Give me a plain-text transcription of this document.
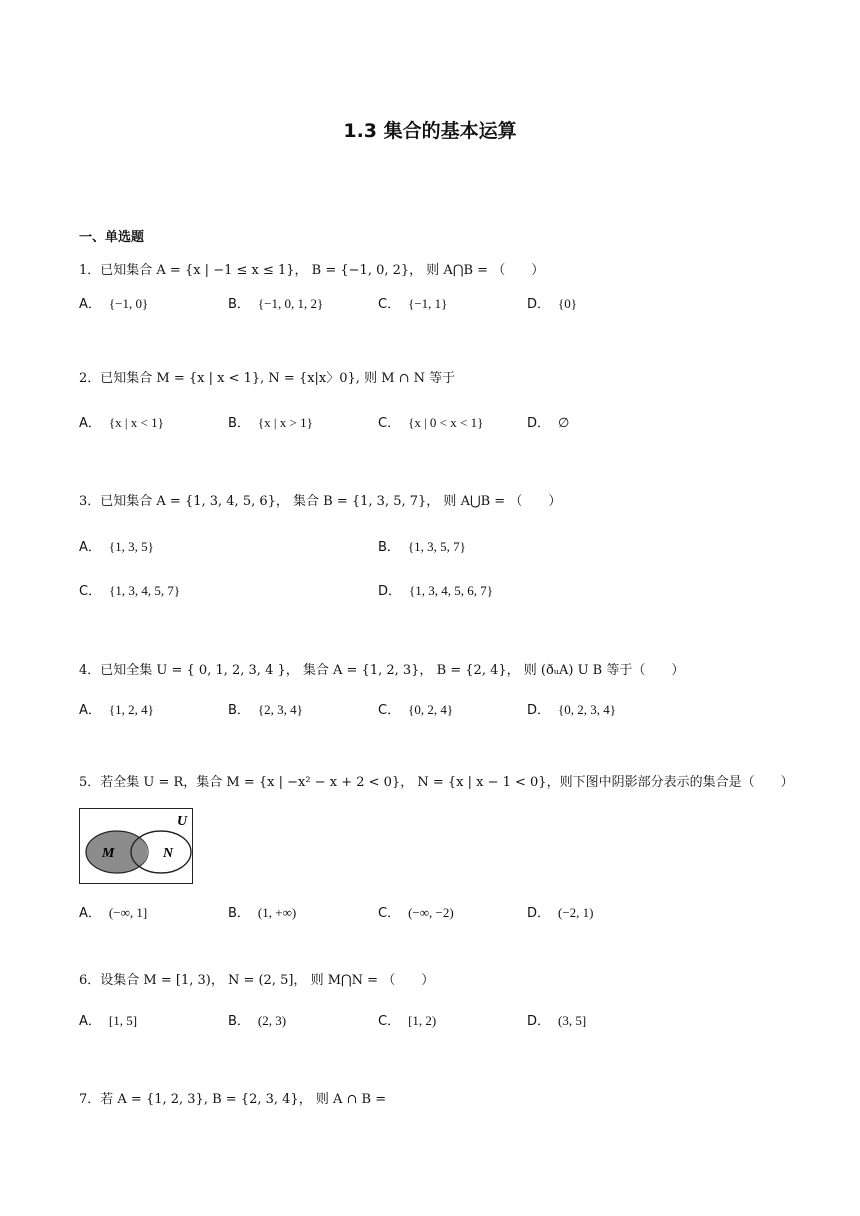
1.3 集合的基本运算
一、单选题
1．已知集合 A = {x | −1 ≤ x ≤ 1}， B = {−1, 0, 2}， 则 A⋂B = （　　）
A． {−1, 0}	B． {−1, 0, 1, 2}	C． {−1, 1}	D． {0}
2．已知集合 M = {x | x < 1}, N = {x|x〉0}, 则 M ∩ N 等于
A． {x | x < 1}	B． {x | x > 1}	C． {x | 0 < x < 1}	D． ∅
3．已知集合 A = {1, 3, 4, 5, 6}， 集合 B = {1, 3, 5, 7}， 则 A⋃B = （　　）
A． {1, 3, 5}	B． {1, 3, 5, 7}
C． {1, 3, 4, 5, 7}	D． {1, 3, 4, 5, 6, 7}
4．已知全集 U = { 0, 1, 2, 3, 4 }， 集合 A = {1, 2, 3}， B = {2, 4}， 则 (ðᵤA) U B 等于（　　）
A． {1, 2, 4}	B． {2, 3, 4}	C． {0, 2, 4}	D． {0, 2, 3, 4}
5．若全集 U = R，集合 M = {x | −x² − x + 2 < 0}， N = {x | x − 1 < 0}，则下图中阴影部分表示的集合是（　　）
U
M	N
A． (−∞, 1]	B． (1, +∞)	C． (−∞, −2)	D． (−2, 1)
6．设集合 M = [1, 3)， N = (2, 5]， 则 M⋂N = （　　）
A． [1, 5]	B． (2, 3)	C． [1, 2)	D． (3, 5]
7．若 A = {1, 2, 3}, B = {2, 3, 4}， 则 A ∩ B =
